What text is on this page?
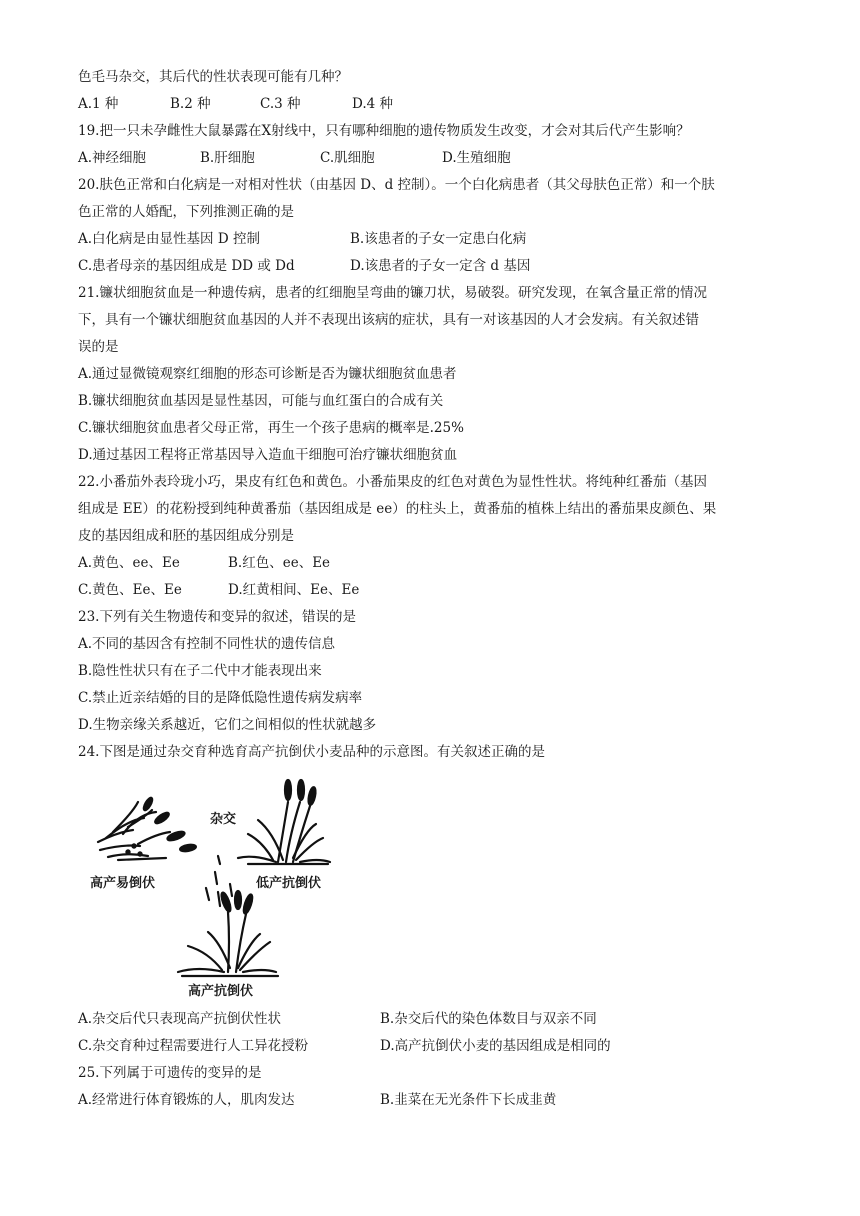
色毛马杂交，其后代的性状表现可能有几种？
A.1 种	B.2 种	C.3 种	D.4 种
19.把一只未孕雌性大鼠暴露在X射线中，只有哪种细胞的遗传物质发生改变，才会对其后代产生影响？
A.神经细胞	B.肝细胞	C.肌细胞	D.生殖细胞
20.肤色正常和白化病是一对相对性状（由基因 D、d 控制）。一个白化病患者（其父母肤色正常）和一个肤
色正常的人婚配，下列推测正确的是
A.白化病是由显性基因 D 控制	B.该患者的子女一定患白化病
C.患者母亲的基因组成是 DD 或 Dd	D.该患者的子女一定含 d 基因
21.镰状细胞贫血是一种遗传病，患者的红细胞呈弯曲的镰刀状，易破裂。研究发现，在氧含量正常的情况
下，具有一个镰状细胞贫血基因的人并不表现出该病的症状，具有一对该基因的人才会发病。有关叙述错
误的是
A.通过显微镜观察红细胞的形态可诊断是否为镰状细胞贫血患者
B.镰状细胞贫血基因是显性基因，可能与血红蛋白的合成有关
C.镰状细胞贫血患者父母正常，再生一个孩子患病的概率是.25%
D.通过基因工程将正常基因导入造血干细胞可治疗镰状细胞贫血
22.小番茄外表玲珑小巧，果皮有红色和黄色。小番茄果皮的红色对黄色为显性性状。将纯种红番茄（基因
组成是 EE）的花粉授到纯种黄番茄（基因组成是 ee）的柱头上，黄番茄的植株上结出的番茄果皮颜色、果
皮的基因组成和胚的基因组成分别是
A.黄色、ee、Ee	B.红色、ee、Ee
C.黄色、Ee、Ee	D.红黄相间、Ee、Ee
23.下列有关生物遗传和变异的叙述，错误的是
A.不同的基因含有控制不同性状的遗传信息
B.隐性性状只有在子二代中才能表现出来
C.禁止近亲结婚的目的是降低隐性遗传病发病率
D.生物亲缘关系越近，它们之间相似的性状就越多
24.下图是通过杂交育种选育高产抗倒伏小麦品种的示意图。有关叙述正确的是
杂交
高产易倒伏	低产抗倒伏
高产抗倒伏
A.杂交后代只表现高产抗倒伏性状	B.杂交后代的染色体数目与双亲不同
C.杂交育种过程需要进行人工异花授粉	D.高产抗倒伏小麦的基因组成是相同的
25.下列属于可遗传的变异的是
A.经常进行体育锻炼的人，肌肉发达	B.韭菜在无光条件下长成韭黄
